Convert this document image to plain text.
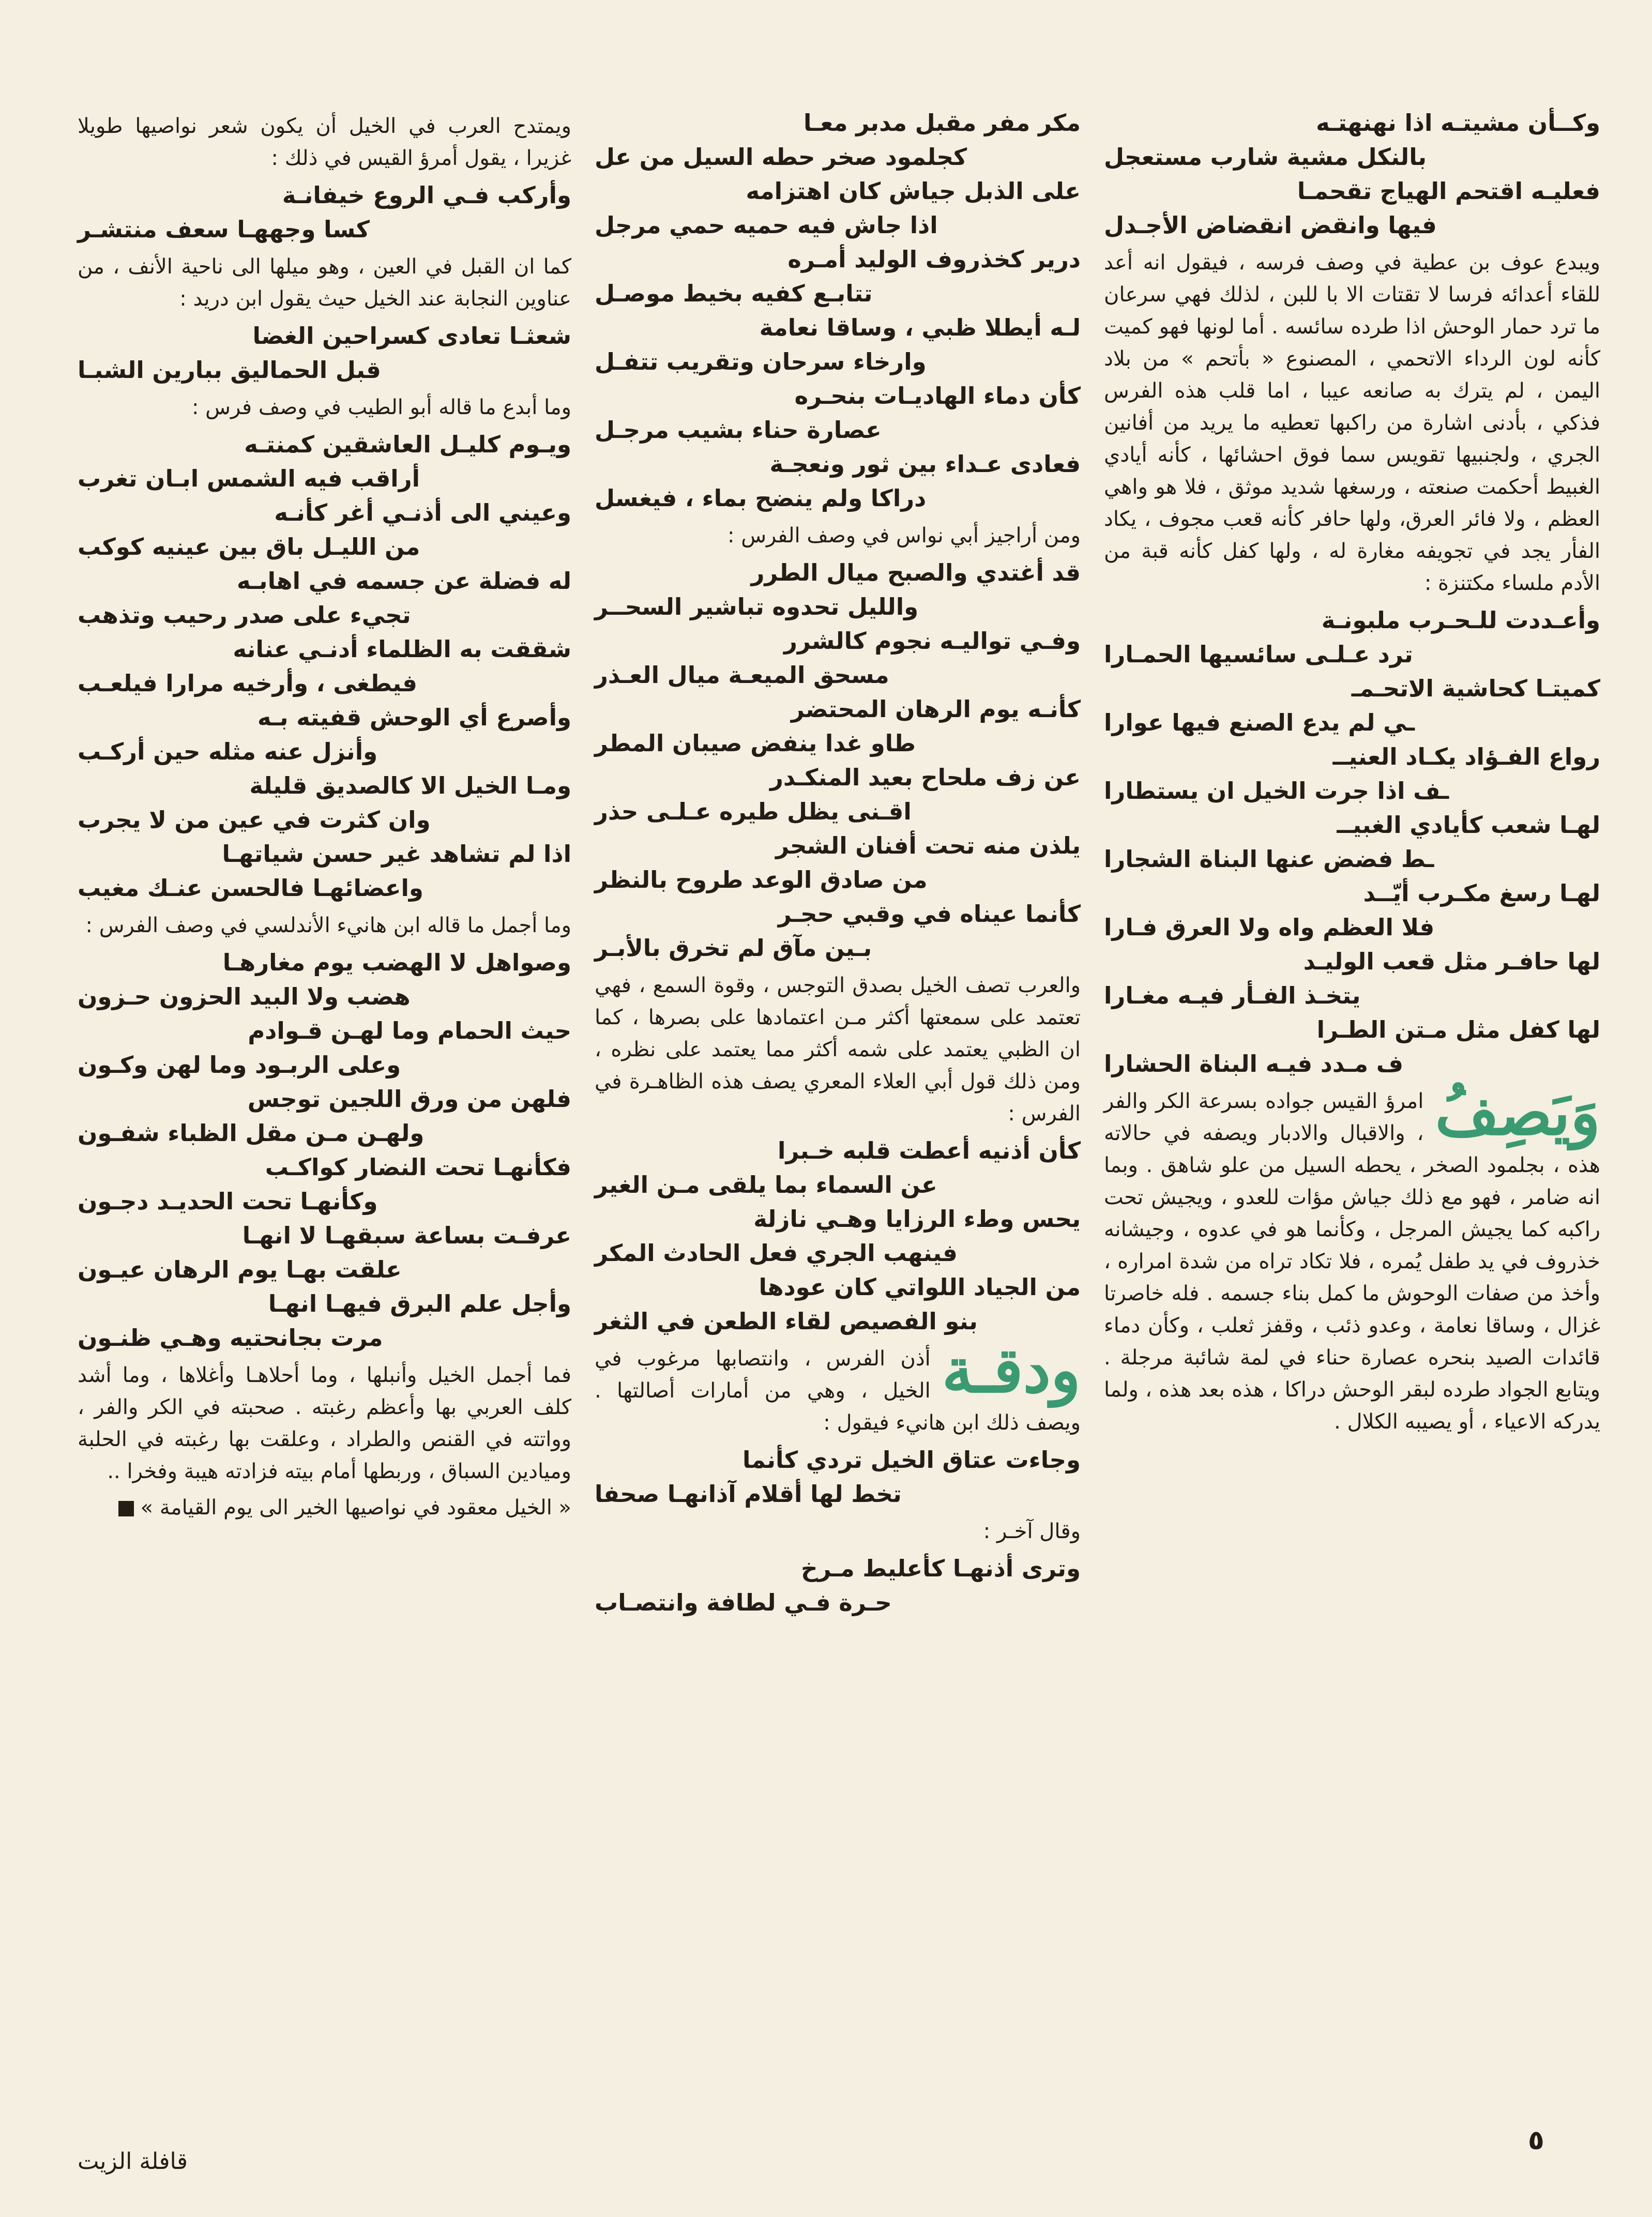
وكــأن مشيتـه اذا نهنهتـه
بالنكل مشية شارب مستعجل
فعليـه اقتحم الهياج تقحمـا
فيها وانقض انقضاض الأجـدل

ويبدع عوف بن عطية في وصف فرسه ، فيقول انه أعد للقاء أعدائه فرسا لا تقتات الا با للبن ، لذلك فهي سرعان ما ترد حمار الوحش اذا طرده سائسه . أما لونها فهو كميت كأنه لون الرداء الاتحمي ، المصنوع « بأتحم » من بلاد اليمن ، لم يترك به صانعه عيبا ، اما قلب هذه الفرس فذكي ، بأدنى اشارة من راكبها تعطيه ما يريد من أفانين الجري ، ولجنبيها تقويس سما فوق احشائها ، كأنه أيادي الغبيط أحكمت صنعته ، ورسغها شديد موثق ، فلا هو واهي العظم ، ولا فائر العرق، ولها حافر كأنه قعب مجوف ، يكاد الفأر يجد في تجويفه مغارة له ، ولها كفل كأنه قبة من الأدم ملساء مكتنزة :

وأعـددت للـحـرب ملبونـة
ترد عـلـى سائسيها الحمـارا
كميتـا كحاشية الاتحـمـ
ـي لم يدع الصنع فيها عوارا
رواع الفـؤاد يكـاد العنيــ
ـف اذا جرت الخيل ان يستطارا
لهـا شعب كأيادي الغبيــ
ـط فضض عنها البناة الشجارا
لهـا رسغ مكـرب أيّــد
فلا العظم واه ولا العرق فـارا
لها حافـر مثل قعب الوليـد
يتخـذ الفـأر فيـه مغـارا
لها كفل مثل مـتن الطـرا
ف مـدد فيـه البناة الحشارا

وَيَصِفُ
امرؤ القيس جواده بسرعة الكر والفر ، والاقبال والادبار ويصفه في حالاته هذه ، بجلمود الصخر ، يحطه السيل من علو شاهق . وبما انه ضامر ، فهو مع ذلك جياش مؤات للعدو ، ويجيش تحت راكبه كما يجيش المرجل ، وكأنما هو في عدوه ، وجيشانه خذروف في يد طفل يُمره ، فلا تكاد تراه من شدة امراره ، وأخذ من صفات الوحوش ما كمل بناء جسمه . فله خاصرتا غزال ، وساقا نعامة ، وعدو ذئب ، وقفز ثعلب ، وكأن دماء قائدات الصيد بنحره عصارة حناء في لمة شائبة مرجلة . ويتابع الجواد طرده لبقر الوحش دراكا ، هذه بعد هذه ، ولما يدركه الاعياء ، أو يصيبه الكلال .

مكر مفر مقبل مدبر معـا
كجلمود صخر حطه السيل من عل
على الذبل جياش كان اهتزامه
اذا جاش فيه حميه حمي مرجل
درير كخذروف الوليد أمـره
تتابـع كفيه بخيط موصـل
لـه أيطلا ظبي ، وساقا نعامة
وارخاء سرحان وتقريب تتفـل
كأن دماء الهاديـات بنحـره
عصارة حناء بشيب مرجـل
فعادى عـداء بين ثور ونعجـة
دراكا ولم ينضح بماء ، فيغسل

ومن أراجيز أبي نواس في وصف الفرس :

قد أغتدي والصبح ميال الطرر
والليل تحدوه تباشير السحــر
وفـي تواليـه نجوم كالشرر
مسحق الميعـة ميال العـذر
كأنـه يوم الرهان المحتضر
طاو غدا ينفض صيبان المطر
عن زف ملحاح بعيد المنكـدر
اقـنى يظل طيره عـلـى حذر
يلذن منه تحت أفنان الشجر
من صادق الوعد طروح بالنظر
كأنما عيناه في وقبي حجـر
بـين مآق لم تخرق بالأبـر

والعرب تصف الخيل بصدق التوجس ، وقوة السمع ، فهي تعتمد على سمعتها أكثر مـن اعتمادها على بصرها ، كما ان الظبي يعتمد على شمه أكثر مما يعتمد على نظره ، ومن ذلك قول أبي العلاء المعري يصف هذه الظاهـرة في الفرس :

كأن أذنيه أعطت قلبه خـبرا
عن السماء بما يلقى مـن الغير
يحس وطء الرزايا وهـي نازلة
فينهب الجري فعل الحادث المكر
من الجياد اللواتي كان عودها
بنو الفصيص لقاء الطعن في الثغر

ودقـة
أذن الفرس ، وانتصابها مرغوب في الخيل ، وهي من أمارات أصالتها . ويصف ذلك ابن هانيء فيقول :

وجاءت عتاق الخيل تردي كأنما
تخط لها أقلام آذانهـا صحفا

وقال آخـر :

وترى أذنهـا كأعليط مـرخ
حـرة فـي لطافة وانتصـاب

ويمتدح العرب في الخيل أن يكون شعر نواصيها طويلا غزيرا ، يقول أمرؤ القيس في ذلك :

وأركب فـي الروع خيفانـة
كسا وجههـا سعف منتشـر

كما ان القبل في العين ، وهو ميلها الى ناحية الأنف ، من عناوين النجابة عند الخيل حيث يقول ابن دريد :

شعثـا تعادى كسراحين الغضا
قبل الحماليق ببارين الشبـا

وما أبدع ما قاله أبو الطيب في وصف فرس :

ويـوم كليـل العاشقين كمنتـه
أراقب فيه الشمس ابـان تغرب
وعيني الى أذنـي أغر كأنـه
من الليـل باق بين عينيه كوكب
له فضلة عن جسمه في اهابـه
تجيء على صدر رحيب وتذهب
شققت به الظلماء أدنـي عنانه
فيطغى ، وأرخيه مرارا فيلعـب
وأصرع أي الوحش قفيته بـه
وأنزل عنه مثله حين أركـب
ومـا الخيل الا كالصديق قليلة
وان كثرت في عين من لا يجرب
اذا لم تشاهد غير حسن شياتهـا
واعضائهـا فالحسن عنـك مغيب

وما أجمل ما قاله ابن هانيء الأندلسي في وصف الفرس :

وصواهل لا الهضب يوم مغارهـا
هضب ولا البيد الحزون حـزون
حيث الحمام وما لهـن قـوادم
وعلى الربـود وما لهن وكـون
فلهن من ورق اللجين توجس
ولهـن مـن مقل الظباء شفـون
فكأنهـا تحت النضار كواكـب
وكأنهـا تحت الحديـد دجـون
عرفـت بساعة سبقهـا لا انهـا
علقت بهـا يوم الرهان عيـون
وأجل علم البرق فيهـا انهـا
مرت بجانحتيه وهـي ظنـون

فما أجمل الخيل وأنبلها ، وما أحلاهـا وأغلاها ، وما أشد كلف العربي بها وأعظم رغبته . صحبته في الكر والفر ، وواتته في القنص والطراد ، وعلقت بها رغبته في الحلبة وميادين السباق ، وربطها أمام بيته فزادته هيبة وفخرا ..

« الخيل معقود في نواصيها الخير الى يوم القيامة »

٥
قافلة الزيت
